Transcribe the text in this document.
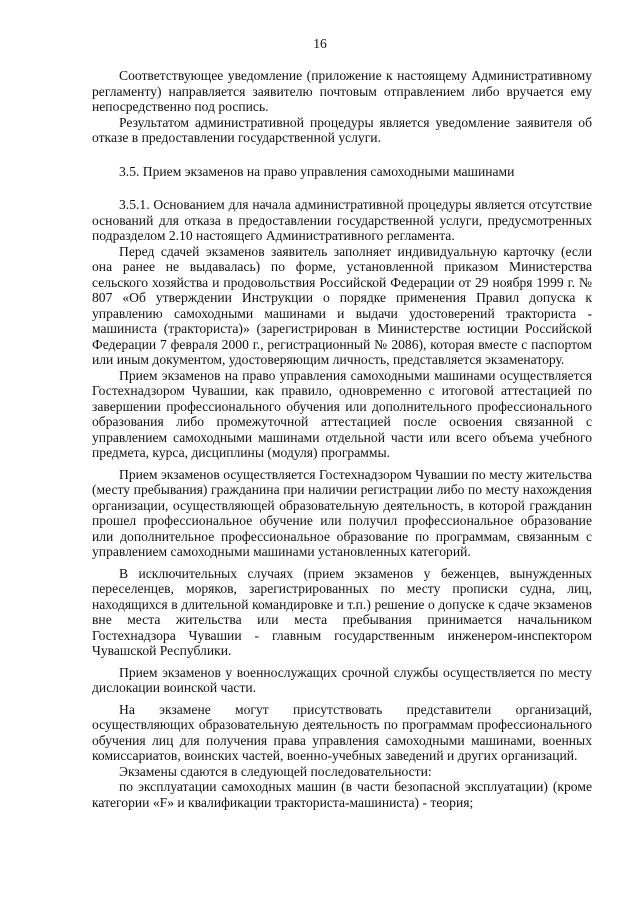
16

Соответствующее уведомление (приложение к настоящему Административному регламенту) направляется заявителю почтовым отправлением либо вручается ему непосредственно под роспись.

Результатом административной процедуры является уведомление заявителя об отказе в предоставлении государственной услуги.

3.5. Прием экзаменов на право управления самоходными машинами

3.5.1. Основанием для начала административной процедуры является отсутствие оснований для отказа в предоставлении государственной услуги, предусмотренных подразделом 2.10 настоящего Административного регламента.

Перед сдачей экзаменов заявитель заполняет индивидуальную карточку (если она ранее не выдавалась) по форме, установленной приказом Министерства сельского хозяйства и продовольствия Российской Федерации от 29 ноября 1999 г. № 807 «Об утверждении Инструкции о порядке применения Правил допуска к управлению самоходными машинами и выдачи удостоверений тракториста - машиниста (тракториста)» (зарегистрирован в Министерстве юстиции Российской Федерации 7 февраля 2000 г., регистрационный № 2086), которая вместе с паспортом или иным документом, удостоверяющим личность, представляется экзаменатору.

Прием экзаменов на право управления самоходными машинами осуществляется Гостехнадзором Чувашии, как правило, одновременно с итоговой аттестацией по завершении профессионального обучения или дополнительного профессионального образования либо промежуточной аттестацией после освоения связанной с управлением самоходными машинами отдельной части или всего объема учебного предмета, курса, дисциплины (модуля) программы.

Прием экзаменов осуществляется Гостехнадзором Чувашии по месту жительства (месту пребывания) гражданина при наличии регистрации либо по месту нахождения организации, осуществляющей образовательную деятельность, в которой гражданин прошел профессиональное обучение или получил профессиональное образование или дополнительное профессиональное образование по программам, связанным с управлением самоходными машинами установленных категорий.

В исключительных случаях (прием экзаменов у беженцев, вынужденных переселенцев, моряков, зарегистрированных по месту прописки судна, лиц, находящихся в длительной командировке и т.п.) решение о допуске к сдаче экзаменов вне места жительства или места пребывания принимается начальником Гостехнадзора Чувашии - главным государственным инженером-инспектором Чувашской Республики.

Прием экзаменов у военнослужащих срочной службы осуществляется по месту дислокации воинской части.

На экзамене могут присутствовать представители организаций, осуществляющих образовательную деятельность по программам профессионального обучения лиц для получения права управления самоходными машинами, военных комиссариатов, воинских частей, военно-учебных заведений и других организаций.

Экзамены сдаются в следующей последовательности:

по эксплуатации самоходных машин (в части безопасной эксплуатации) (кроме категории «F» и квалификации тракториста-машиниста) - теория;
